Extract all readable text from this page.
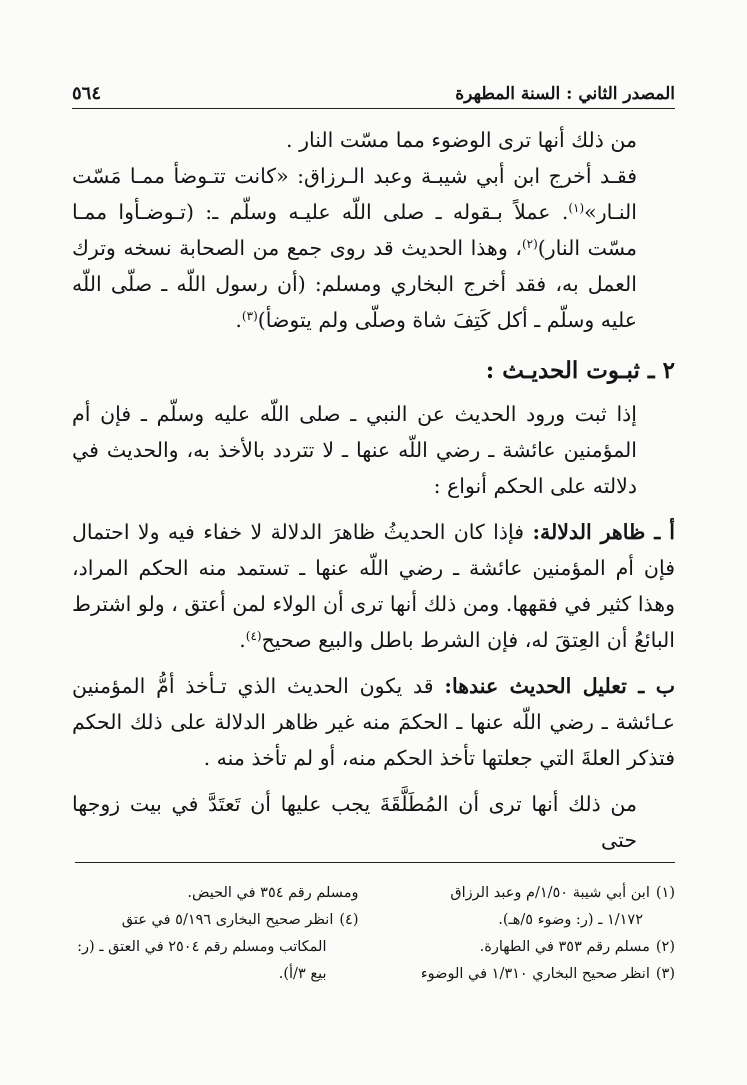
المصدر الثاني : السنة المطهرة
٥٦٤

من ذلك أنها ترى الوضوء مما مسّت النار .

فقـد أخرج ابن أبي شيبـة وعبد الـرزاق: «كانت تتـوضأ ممـا مَسّت النـار»$^{(١)}$. عملاً بـقوله ـ صلى اللّه عليـه وسلّم ـ: (تـوضـأوا ممـا مسّت النار)$^{(٢)}$، وهذا الحديث قد روى جمع من الصحابة نسخه وترك العمل به، فقد أخرج البخاري ومسلم: (أن رسول اللّه ـ صلّى اللّه عليه وسلّم ـ أكل كَتِفَ شاة وصلّى ولم يتوضأ)$^{(٣)}$.

٢ ـ ثبـوت الحديـث :

إذا ثبت ورود الحديث عن النبي ـ صلى اللّه عليه وسلّم ـ فإن أم المؤمنين عائشة ـ رضي اللّه عنها ـ لا تتردد بالأخذ به، والحديث في دلالته على الحكم أنواع :

أ ـ ظاهر الدلالة: فإذا كان الحديثُ ظاهرَ الدلالة لا خفاء فيه ولا احتمال فإن أم المؤمنين عائشة ـ رضي اللّه عنها ـ تستمد منه الحكم المراد، وهذا كثير في فقهها. ومن ذلك أنها ترى أن الولاء لمن أعتق ، ولو اشترط البائعُ أن العِتقَ له، فإن الشرط باطل والبيع صحيح$^{(٤)}$.

ب ـ تعليل الحديث عندها: قد يكون الحديث الذي تـأخذ أمُّ المؤمنين عـائشة ـ رضي اللّه عنها ـ الحكمَ منه غير ظاهر الدلالة على ذلك الحكم فتذكر العلةَ التي جعلتها تأخذ الحكم منه، أو لم تأخذ منه .

من ذلك أنها ترى أن المُطَلَّقَةَ يجب عليها أن تَعتَدَّ في بيت زوجها حتى

(١)ابن أبي شيبة ١/٥٠/م وعبد الرزاق
١/١٧٢ ـ (ر: وضوء ٥/هـ).
(٢)مسلم رقم ٣٥٣ في الطهارة.
(٣)انظر صحيح البخاري ١/٣١٠ في الوضوء
ومسلم رقم ٣٥٤ في الحيض.
(٤)انظر صحيح البخارى ٥/١٩٦ في عتق
المكاتب ومسلم رقم ٢٥٠٤ في العتق ـ (ر:
بيع ٣/أ).
